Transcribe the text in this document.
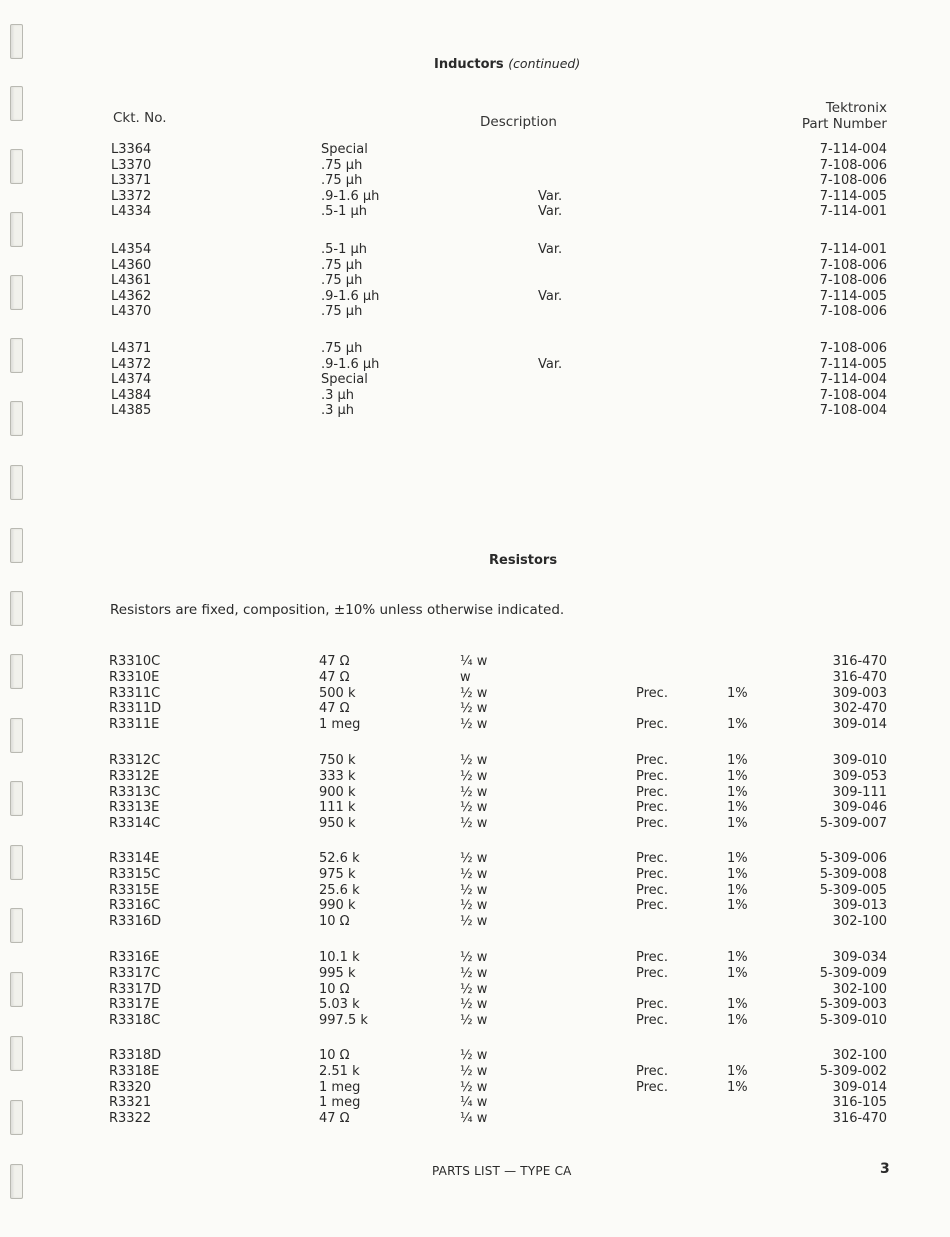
Inductors (continued)
Ckt. No.	Description
Tektronix
Part Number
L3364	Special	7-114-004
L3370	.75 µh	7-108-006
L3371	.75 µh	7-108-006
L3372	.9-1.6 µh	Var.	7-114-005
L4334	.5-1 µh	Var.	7-114-001
L4354	.5-1 µh	Var.	7-114-001
L4360	.75 µh	7-108-006
L4361	.75 µh	7-108-006
L4362	.9-1.6 µh	Var.	7-114-005
L4370	.75 µh	7-108-006
L4371	.75 µh	7-108-006
L4372	.9-1.6 µh	Var.	7-114-005
L4374	Special	7-114-004
L4384	.3 µh	7-108-004
L4385	.3 µh	7-108-004
Resistors
Resistors are fixed, composition, ±10% unless otherwise indicated.
R3310C	47 Ω	¼ w	316-470
R3310E	47 Ω	w	316-470
R3311C	500 k	½ w	Prec.	1%	309-003
R3311D	47 Ω	½ w	302-470
R3311E	1 meg	½ w	Prec.	1%	309-014
R3312C	750 k	½ w	Prec.	1%	309-010
R3312E	333 k	½ w	Prec.	1%	309-053
R3313C	900 k	½ w	Prec.	1%	309-111
R3313E	111 k	½ w	Prec.	1%	309-046
R3314C	950 k	½ w	Prec.	1%	5-309-007
R3314E	52.6 k	½ w	Prec.	1%	5-309-006
R3315C	975 k	½ w	Prec.	1%	5-309-008
R3315E	25.6 k	½ w	Prec.	1%	5-309-005
R3316C	990 k	½ w	Prec.	1%	309-013
R3316D	10 Ω	½ w	302-100
R3316E	10.1 k	½ w	Prec.	1%	309-034
R3317C	995 k	½ w	Prec.	1%	5-309-009
R3317D	10 Ω	½ w	302-100
R3317E	5.03 k	½ w	Prec.	1%	5-309-003
R3318C	997.5 k	½ w	Prec.	1%	5-309-010
R3318D	10 Ω	½ w	302-100
R3318E	2.51 k	½ w	Prec.	1%	5-309-002
R3320	1 meg	½ w	Prec.	1%	309-014
R3321	1 meg	¼ w	316-105
R3322	47 Ω	¼ w	316-470
PARTS LIST — TYPE CA	3
